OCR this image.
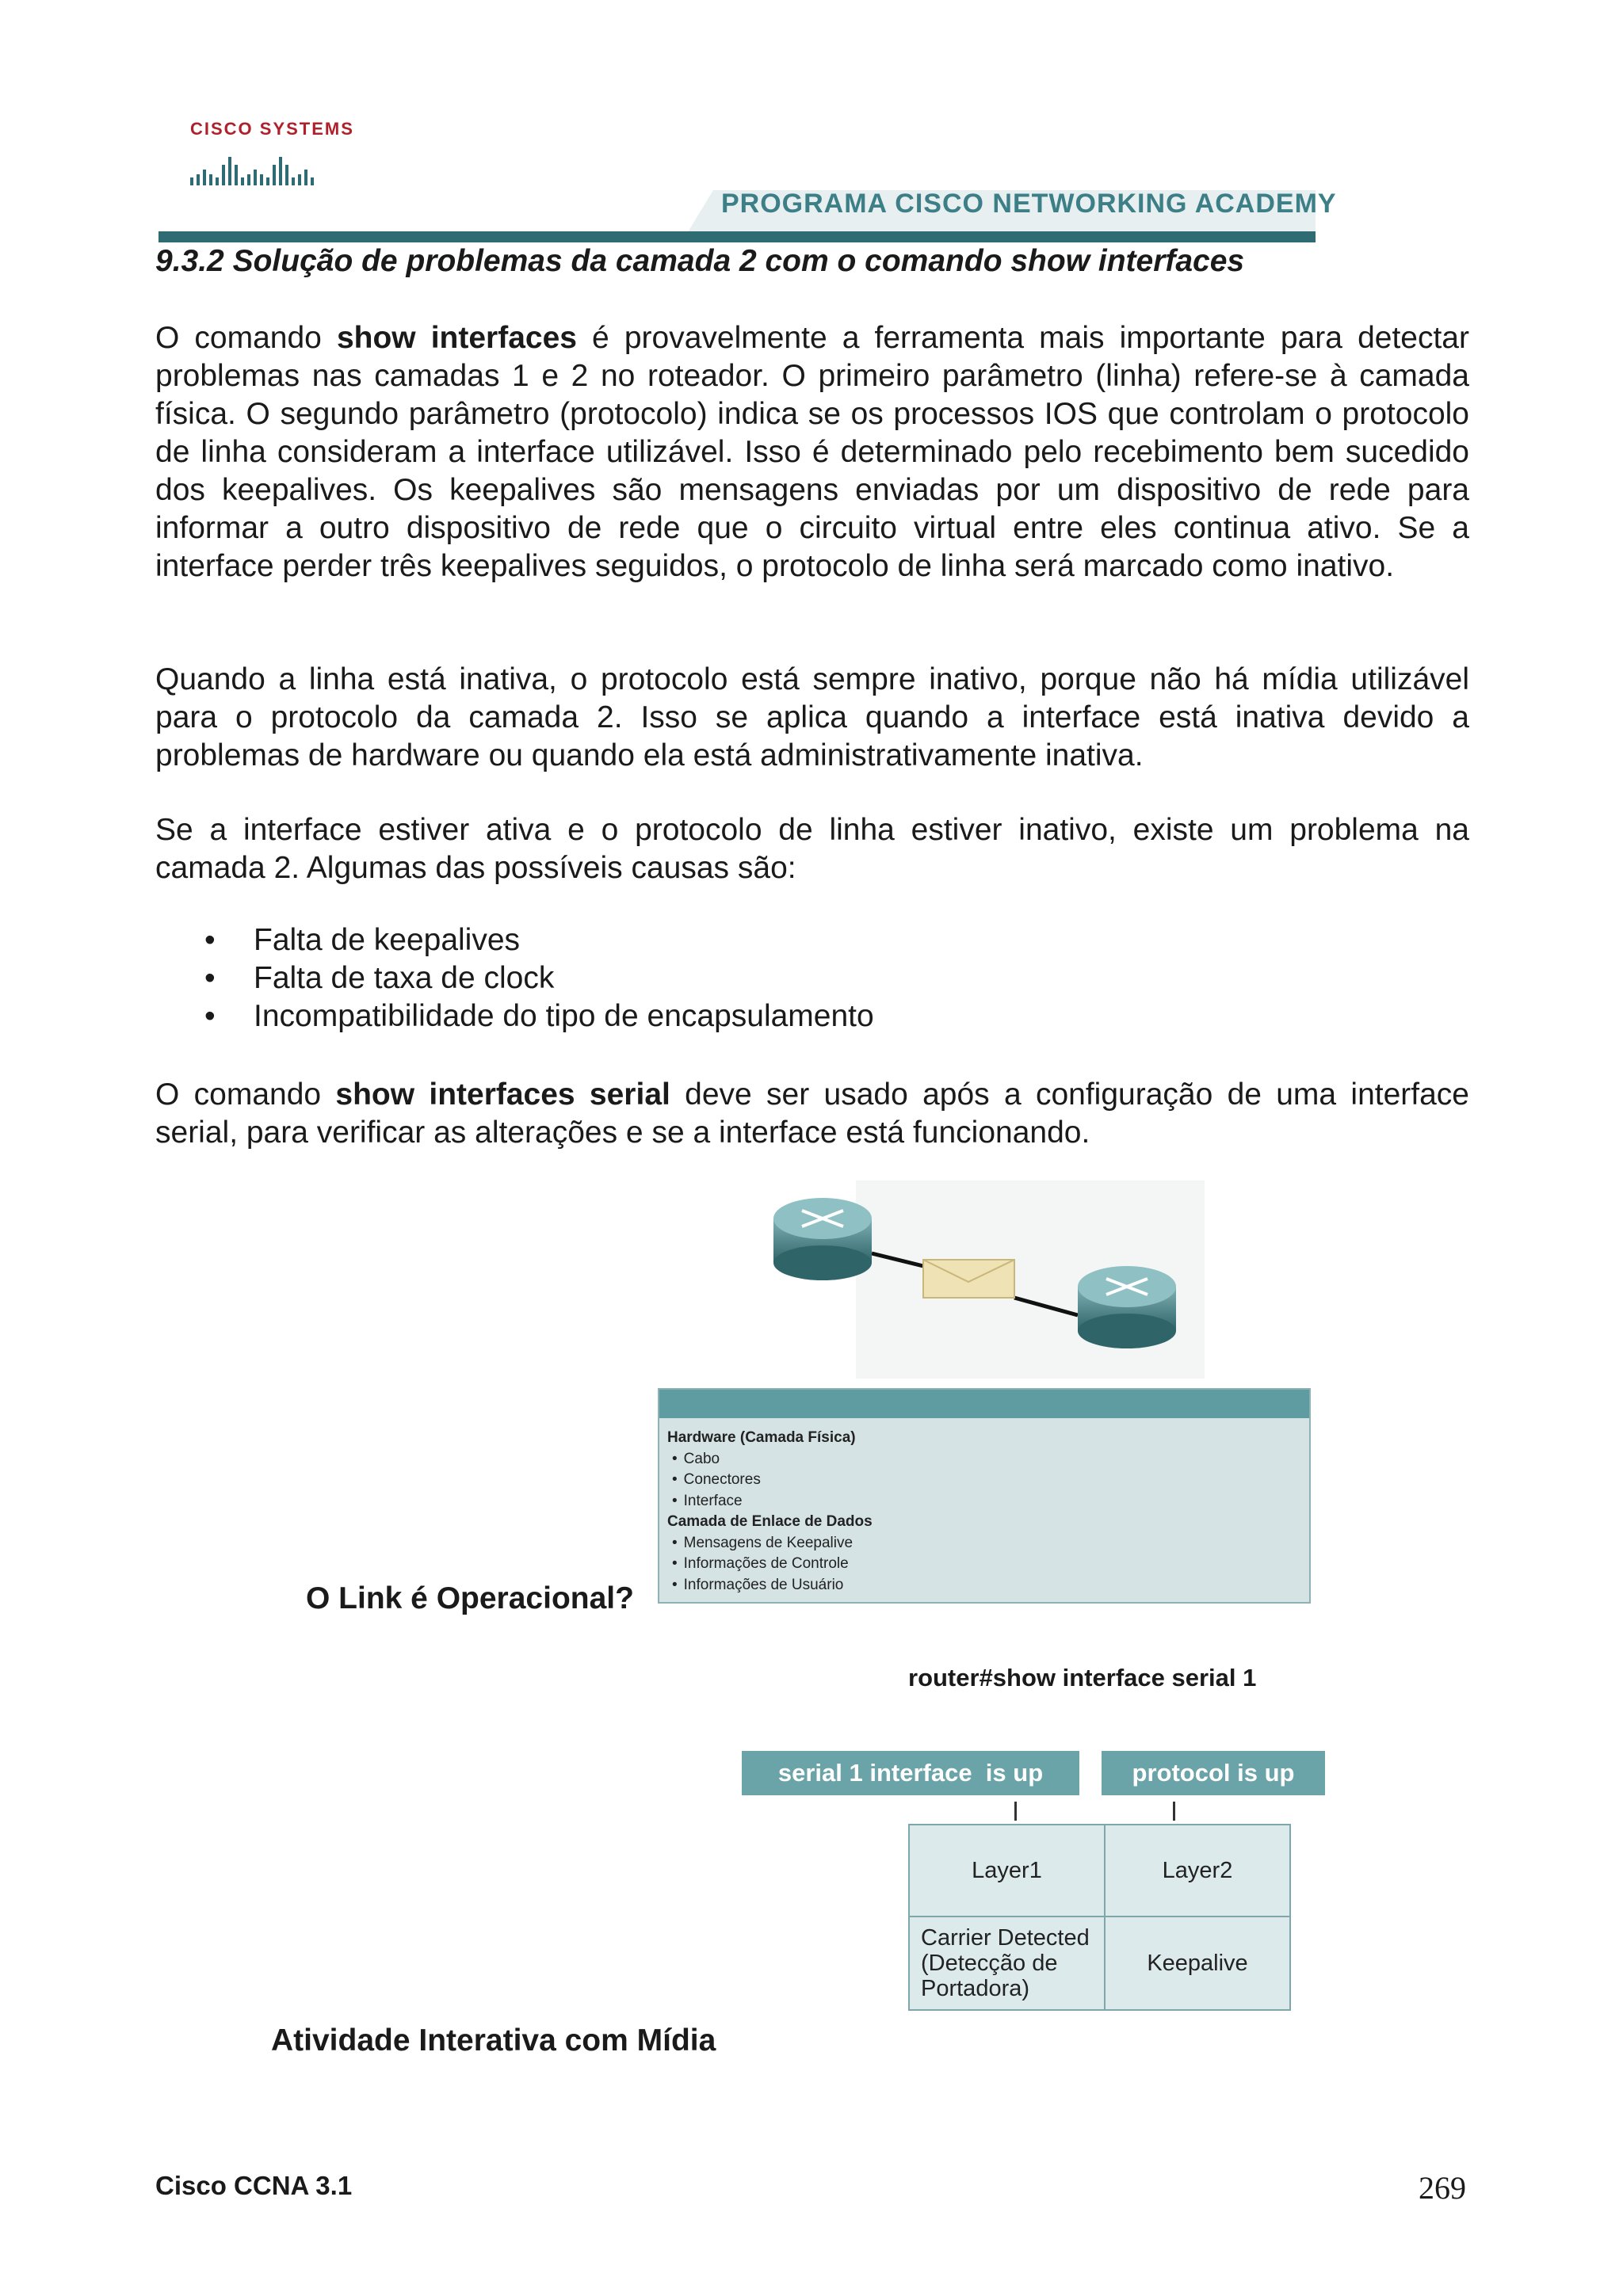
CISCO SYSTEMS
PROGRAMA CISCO NETWORKING ACADEMY
9.3.2 Solução de problemas da camada 2 com o comando show interfaces
O comando show interfaces é provavelmente a ferramenta mais importante para detectar problemas nas camadas 1 e 2 no roteador. O primeiro parâmetro (linha) refere-se à camada física. O segundo parâmetro (protocolo) indica se os processos IOS que controlam o protocolo de linha consideram a interface utilizável. Isso é determinado pelo recebimento bem sucedido dos keepalives. Os keepalives são mensagens enviadas por um dispositivo de rede para informar a outro dispositivo de rede que o circuito virtual entre eles continua ativo. Se a interface perder três keepalives seguidos, o protocolo de linha será marcado como inativo.
Quando a linha está inativa, o protocolo está sempre inativo, porque não há mídia utilizável para o protocolo da camada 2. Isso se aplica quando a interface está inativa devido a problemas de hardware ou quando ela está administrativamente inativa.
Se a interface estiver ativa e o protocolo de linha estiver inativo, existe um problema na camada 2. Algumas das possíveis causas são:
• Falta de keepalives
• Falta de taxa de clock
• Incompatibilidade do tipo de encapsulamento
O comando show interfaces serial deve ser usado após a configuração de uma interface serial, para verificar as alterações e se a interface está funcionando.
Hardware (Camada Física)
• Cabo
• Conectores
• Interface
Camada de Enlace de Dados
• Mensagens de Keepalive
• Informações de Controle
• Informações de Usuário
O Link é Operacional?
router#show interface serial 1
serial 1 interface  is up	protocol is up
Layer1	Layer2

Carrier Detected
(Detecção de
Portadora)	Keepalive
Atividade Interativa com Mídia
Cisco CCNA 3.1	269
